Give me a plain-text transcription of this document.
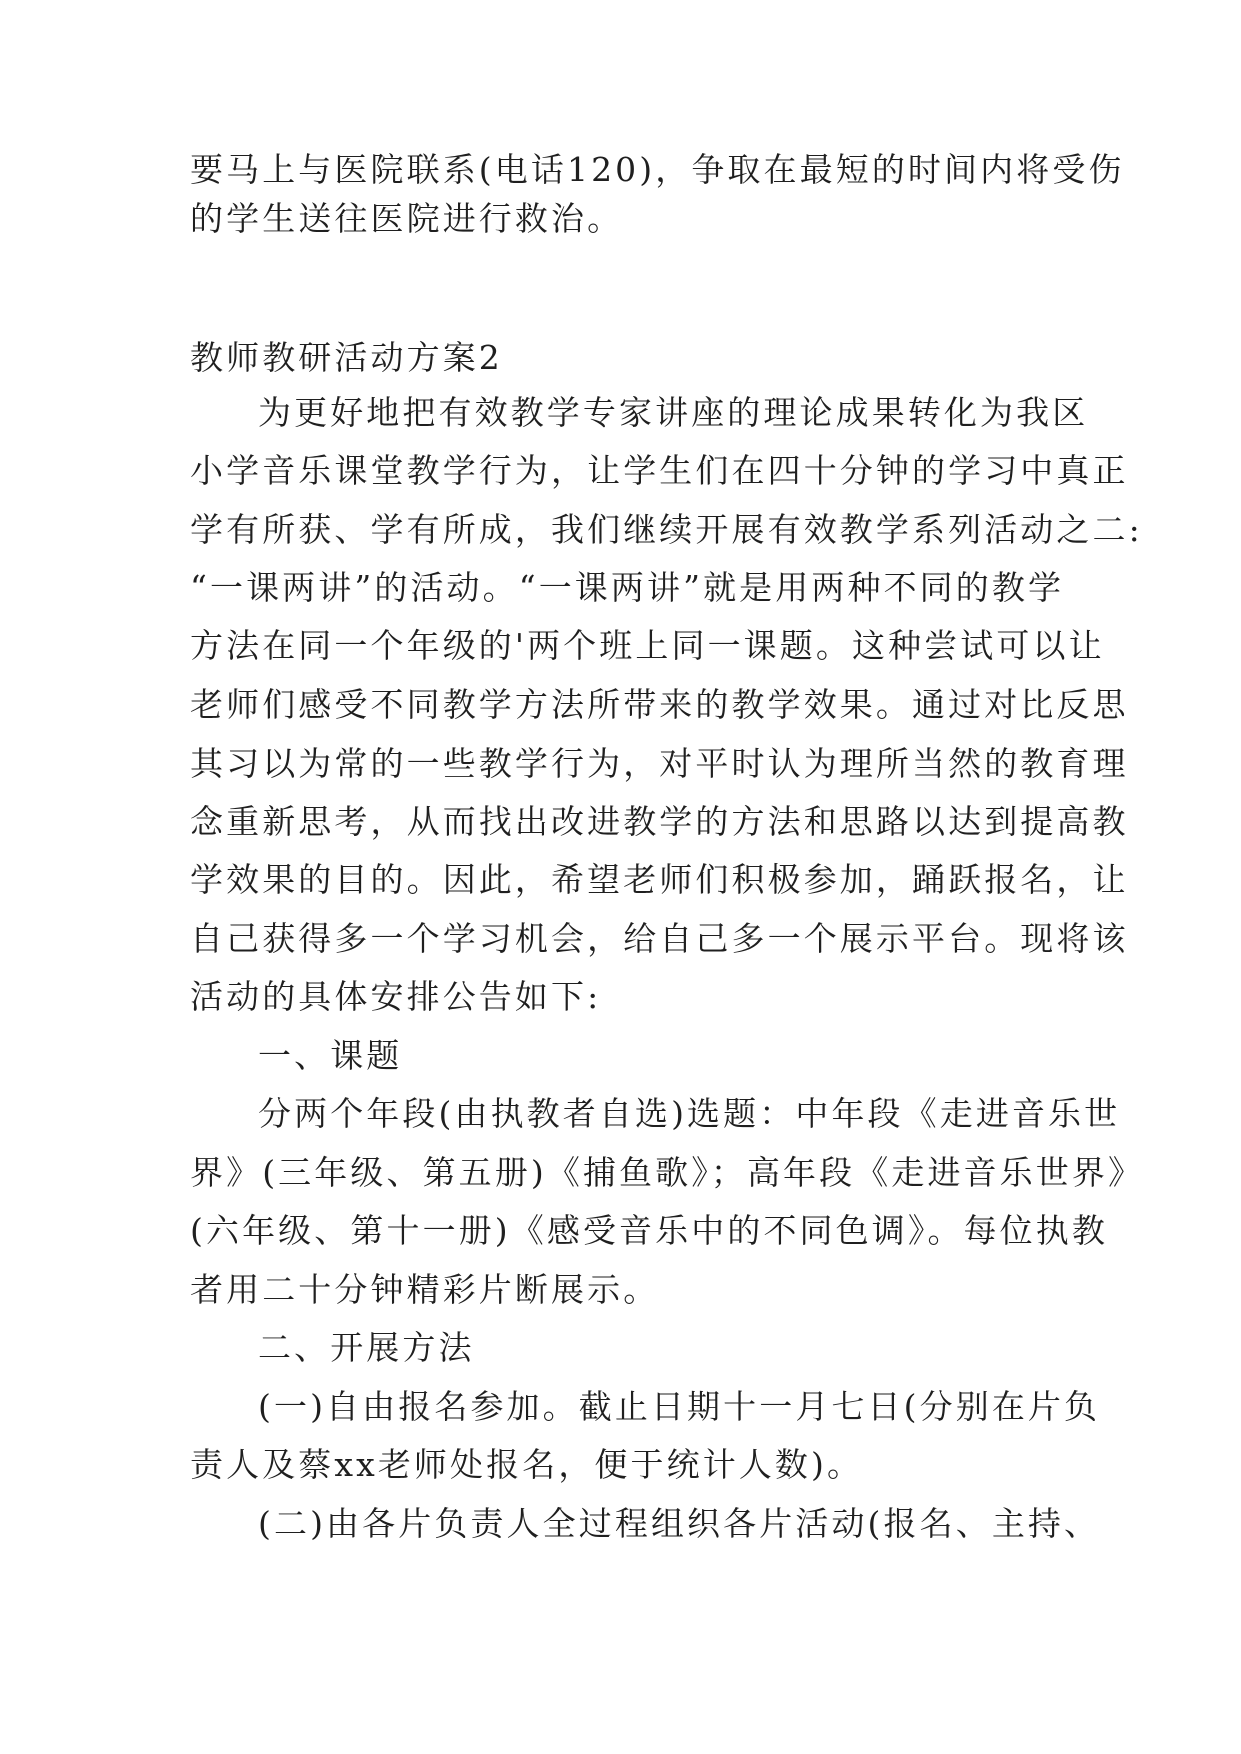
要马上与医院联系(电话120)，争取在最短的时间内将受伤
的学生送往医院进行救治。
教师教研活动方案2
为更好地把有效教学专家讲座的理论成果转化为我区
小学音乐课堂教学行为，让学生们在四十分钟的学习中真正
学有所获、学有所成，我们继续开展有效教学系列活动之二:
“一课两讲”的活动。“一课两讲”就是用两种不同的教学
方法在同一个年级的'两个班上同一课题。这种尝试可以让
老师们感受不同教学方法所带来的教学效果。通过对比反思
其习以为常的一些教学行为，对平时认为理所当然的教育理
念重新思考，从而找出改进教学的方法和思路以达到提高教
学效果的目的。因此，希望老师们积极参加，踊跃报名，让
自己获得多一个学习机会，给自己多一个展示平台。现将该
活动的具体安排公告如下:
一、课题
分两个年段(由执教者自选)选题：中年段《走进音乐世
界》(三年级、第五册)《捕鱼歌》；高年段《走进音乐世界》
(六年级、第十一册)《感受音乐中的不同色调》。每位执教
者用二十分钟精彩片断展示。
二、开展方法
(一)自由报名参加。截止日期十一月七日(分别在片负
责人及蔡xx老师处报名，便于统计人数)。
(二)由各片负责人全过程组织各片活动(报名、主持、
